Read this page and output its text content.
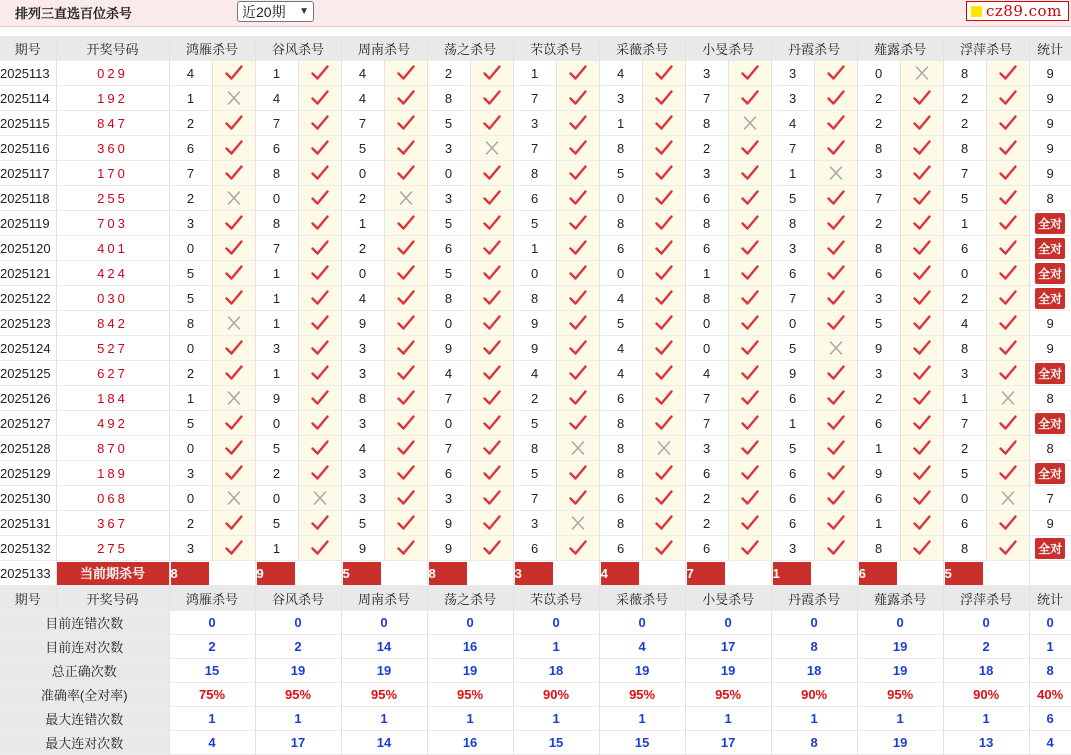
排列三直选百位杀号	近20期 ▼	cz89.com
期号	开奖号码	鸿雁杀号		谷风杀号		周南杀号		荡之杀号		芣苡杀号		采薇杀号		小旻杀号		丹霞杀号		薤露杀号		浮萍杀号		统计
2025113	029	4		1		4		2		1		4		3		3		0		8		9
2025114	192	1		4		4		8		7		3		7		3		2		2		9
2025115	847	2		7		7		5		3		1		8		4		2		2		9
2025116	360	6		6		5		3		7		8		2		7		8		8		9
2025117	170	7		8		0		0		8		5		3		1		3		7		9
2025118	255	2		0		2		3		6		0		6		5		7		5		8
2025119	703	3		8		1		5		5		8		8		8		2		1		全对
2025120	401	0		7		2		6		1		6		6		3		8		6		全对
2025121	424	5		1		0		5		0		0		1		6		6		0		全对
2025122	030	5		1		4		8		8		4		8		7		3		2		全对
2025123	842	8		1		9		0		9		5		0		0		5		4		9
2025124	527	0		3		3		9		9		4		0		5		9		8		9
2025125	627	2		1		3		4		4		4		4		9		3		3		全对
2025126	184	1		9		8		7		2		6		7		6		2		1		8
2025127	492	5		0		3		0		5		8		7		1		6		7		全对
2025128	870	0		5		4		7		8		8		3		5		1		2		8
2025129	189	3		2		3		6		5		8		6		6		9		5		全对
2025130	068	0		0		3		3		7		6		2		6		6		0		7
2025131	367	2		5		5		9		3		8		2		6		1		6		9
2025132	275	3		1		9		9		6		6		6		3		8		8		全对
2025133	当前期杀号	8		9		5		8		3		4		7		1		6		5		
期号	开奖号码	鸿雁杀号		谷风杀号		周南杀号		荡之杀号		芣苡杀号		采薇杀号		小旻杀号		丹霞杀号		薤露杀号		浮萍杀号		统计
目前连错次数		0		0		0		0		0		0		0		0		0		0		0
目前连对次数		2		2		14		16		1		4		17		8		19		2		1
总正确次数		15		19		19		19		18		19		19		18		19		18		8
准确率(全对率)		75%		95%		95%		95%		90%		95%		95%		90%		95%		90%		40%
最大连错次数		1		1		1		1		1		1		1		1		1		1		6
最大连对次数		4		17		14		16		15		15		17		8		19		13		4
